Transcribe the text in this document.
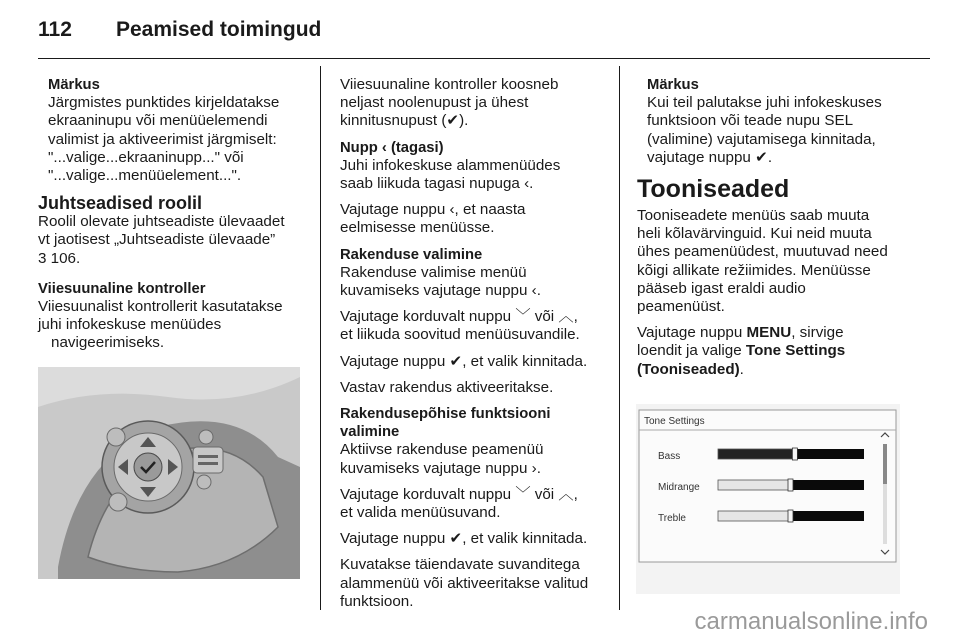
112	Peamised toimingud
Märkus
Järgmistes punktides kirjeldatakse
ekraaninupu või menüüelemendi
valimist ja aktiveerimist järgmiselt:
"...valige...ekraaninupp..." või
"...valige...menüüelement...".
Juhtseadised roolil

Roolil olevate juhtseadiste ülevaadet
vt jaotisest „Juhtseadiste ülevaade”
3 106.

Viiesuunaline kontroller

Viiesuunalist kontrollerit kasutatakse
juhi infokeskuse menüüdes
navigeerimiseks.

Viiesuunaline kontroller koosneb
neljast noolenupust ja ühest
kinnitusnupust (✔).

Nupp ‹ (tagasi)

Juhi infokeskuse alammenüüdes
saab liikuda tagasi nupuga ‹.

Vajutage nuppu ‹, et naasta
eelmisesse menüüsse.

Rakenduse valimine

Rakenduse valimise menüü
kuvamiseks vajutage nuppu ‹.

Vajutage korduvalt nuppu ﹀ või ︿,
et liikuda soovitud menüüsuvandile.

Vajutage nuppu ✔, et valik kinnitada.

Vastav rakendus aktiveeritakse.

Rakendusepõhise funktsiooni
valimine

Aktiivse rakenduse peamenüü
kuvamiseks vajutage nuppu ›.

Vajutage korduvalt nuppu ﹀ või ︿,
et valida menüüsuvand.

Vajutage nuppu ✔, et valik kinnitada.

Kuvatakse täiendavate suvanditega
alammenüü või aktiveeritakse valitud
funktsioon.

Märkus
Kui teil palutakse juhi infokeskuses
funktsioon või teade nupu SEL
(valimine) vajutamisega kinnitada,
vajutage nuppu ✔.
Tooniseaded

Tooniseadete menüüs saab muuta
heli kõlavärvinguid. Kui neid muuta
ühes peamenüüdest, muutuvad need
kõigi allikate režiimides. Menüüsse
pääseb igast eraldi audio
peamenüüst.

Vajutage nuppu MENU, sirvige
loendit ja valige Tone Settings
(Tooniseaded).

Tone Settings
Bass
Midrange
Treble
carmanualsonline.info
